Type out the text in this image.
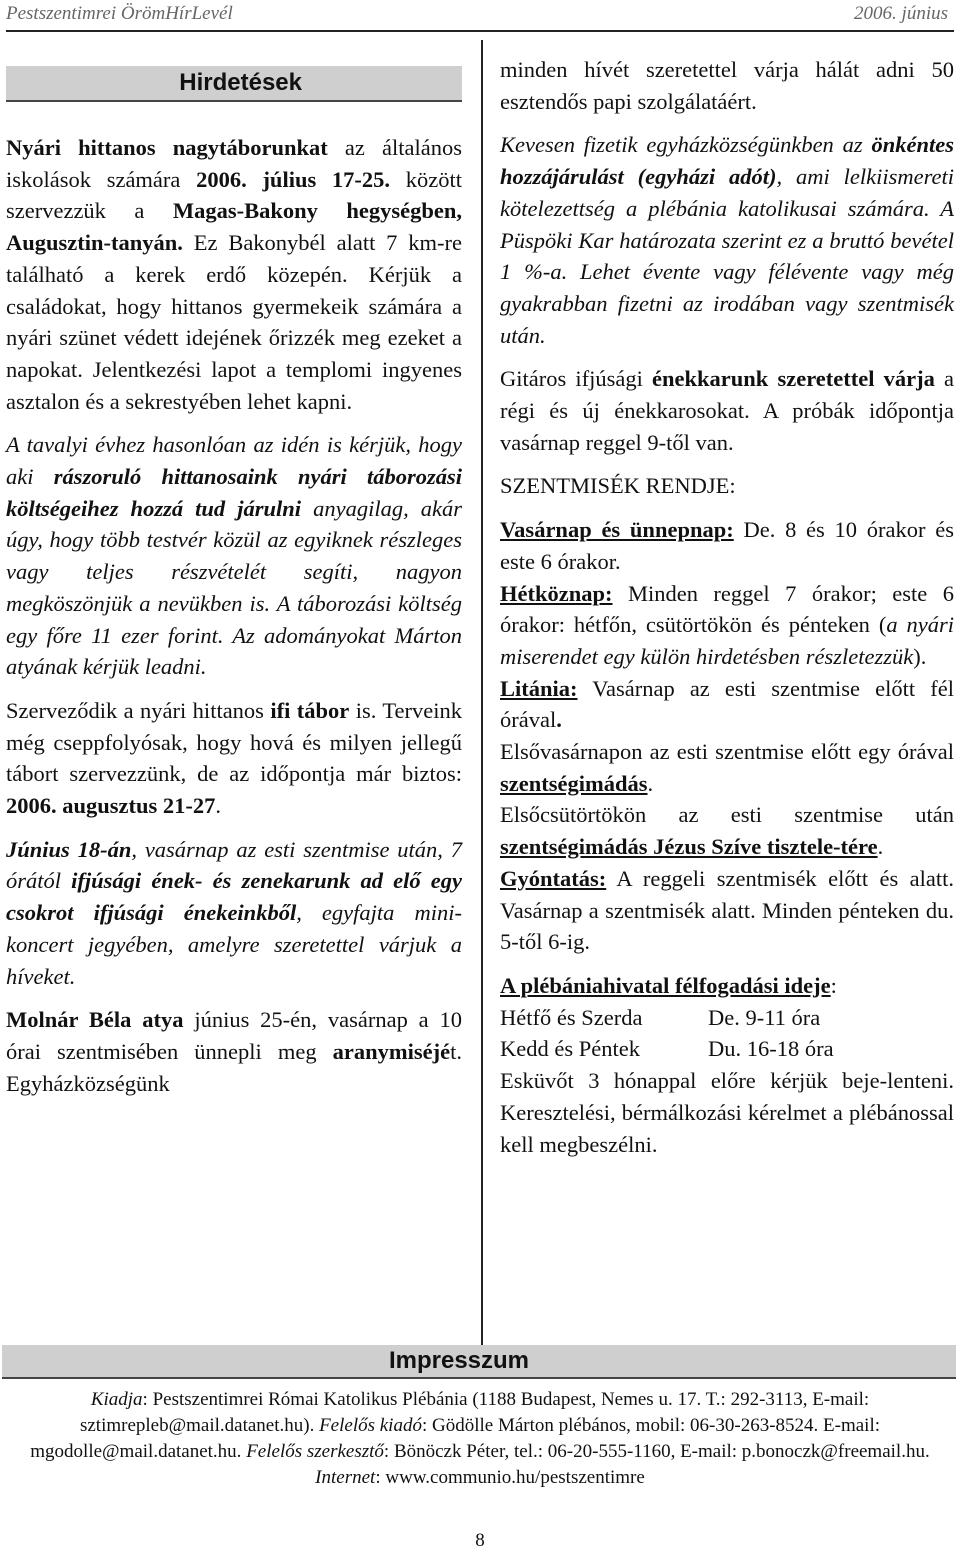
Pestszentimrei ÖrömHírLevél	2006. június
Hirdetések

Nyári hittanos nagytáborunkat az általános iskolások számára 2006. július 17-25. között szervezzük a Magas-Bakony hegységben, Augusztin-tanyán. Ez Bakonybél alatt 7 km-re található a kerek erdő közepén. Kérjük a családokat, hogy hittanos gyermekeik számára a nyári szünet védett idejének őrizzék meg ezeket a napokat. Jelentkezési lapot a templomi ingyenes asztalon és a sekrestyében lehet kapni.

A tavalyi évhez hasonlóan az idén is kérjük, hogy aki rászoruló hittanosaink nyári táborozási költségeihez hozzá tud járulni anyagilag, akár úgy, hogy több testvér közül az egyiknek részleges vagy teljes részvételét segíti, nagyon megköszönjük a nevükben is. A táborozási költség egy főre 11 ezer forint. Az adományokat Márton atyának kérjük leadni.

Szerveződik a nyári hittanos ifi tábor is. Terveink még cseppfolyósak, hogy hová és milyen jellegű tábort szervezzünk, de az időpontja már biztos: 2006. augusztus 21-27.

Június 18-án, vasárnap az esti szentmise után, 7 órától ifjúsági ének- és zenekarunk ad elő egy csokrot ifjúsági énekeinkből, egyfajta mini-koncert jegyében, amelyre szeretettel várjuk a híveket.

Molnár Béla atya június 25-én, vasárnap a 10 órai szentmisében ünnepli meg aranymiséjét. Egyházközségünk

minden hívét szeretettel várja hálát adni 50 esztendős papi szolgálatáért.

Kevesen fizetik egyházközségünkben az önkéntes hozzájárulást (egyházi adót), ami lelkiismereti kötelezettség a plébánia katolikusai számára. A Püspöki Kar határozata szerint ez a bruttó bevétel 1 %-a. Lehet évente vagy félévente vagy még gyakrabban fizetni az irodában vagy szentmisék után.

Gitáros ifjúsági énekkarunk szeretettel várja a régi és új énekkarosokat. A próbák időpontja vasárnap reggel 9-től van.

SZENTMISÉK RENDJE:

Vasárnap és ünnepnap: De. 8 és 10 órakor és este 6 órakor.

Hétköznap: Minden reggel 7 órakor; este 6 órakor: hétfőn, csütörtökön és pénteken (a nyári miserendet egy külön hirdetésben részletezzük).

Litánia: Vasárnap az esti szentmise előtt fél órával.

Elsővasárnapon az esti szentmise előtt egy órával szentségimádás.

Elsőcsütörtökön az esti szentmise után szentségimádás Jézus Szíve tisztele-tére.

Gyóntatás: A reggeli szentmisék előtt és alatt. Vasárnap a szentmisék alatt. Minden pénteken du. 5-től 6-ig.

A plébániahivatal félfogadási ideje:

Hétfő és Szerda	De. 9-11 óra
Kedd és Péntek	Du. 16-18 óra

Esküvőt 3 hónappal előre kérjük beje-lenteni. Keresztelési, bérmálkozási kérelmet a plébánossal kell megbeszélni.

Impresszum
Kiadja: Pestszentimrei Római Katolikus Plébánia (1188 Budapest, Nemes u. 17. T.: 292-3113, E-mail: sztimrepleb@mail.datanet.hu). Felelős kiadó: Gödölle Márton plébános, mobil: 06-30-263-8524. E-mail: mgodolle@mail.datanet.hu. Felelős szerkesztő: Bönöczk Péter, tel.: 06-20-555-1160, E-mail: p.bonoczk@freemail.hu. Internet: www.communio.hu/pestszentimre
8
